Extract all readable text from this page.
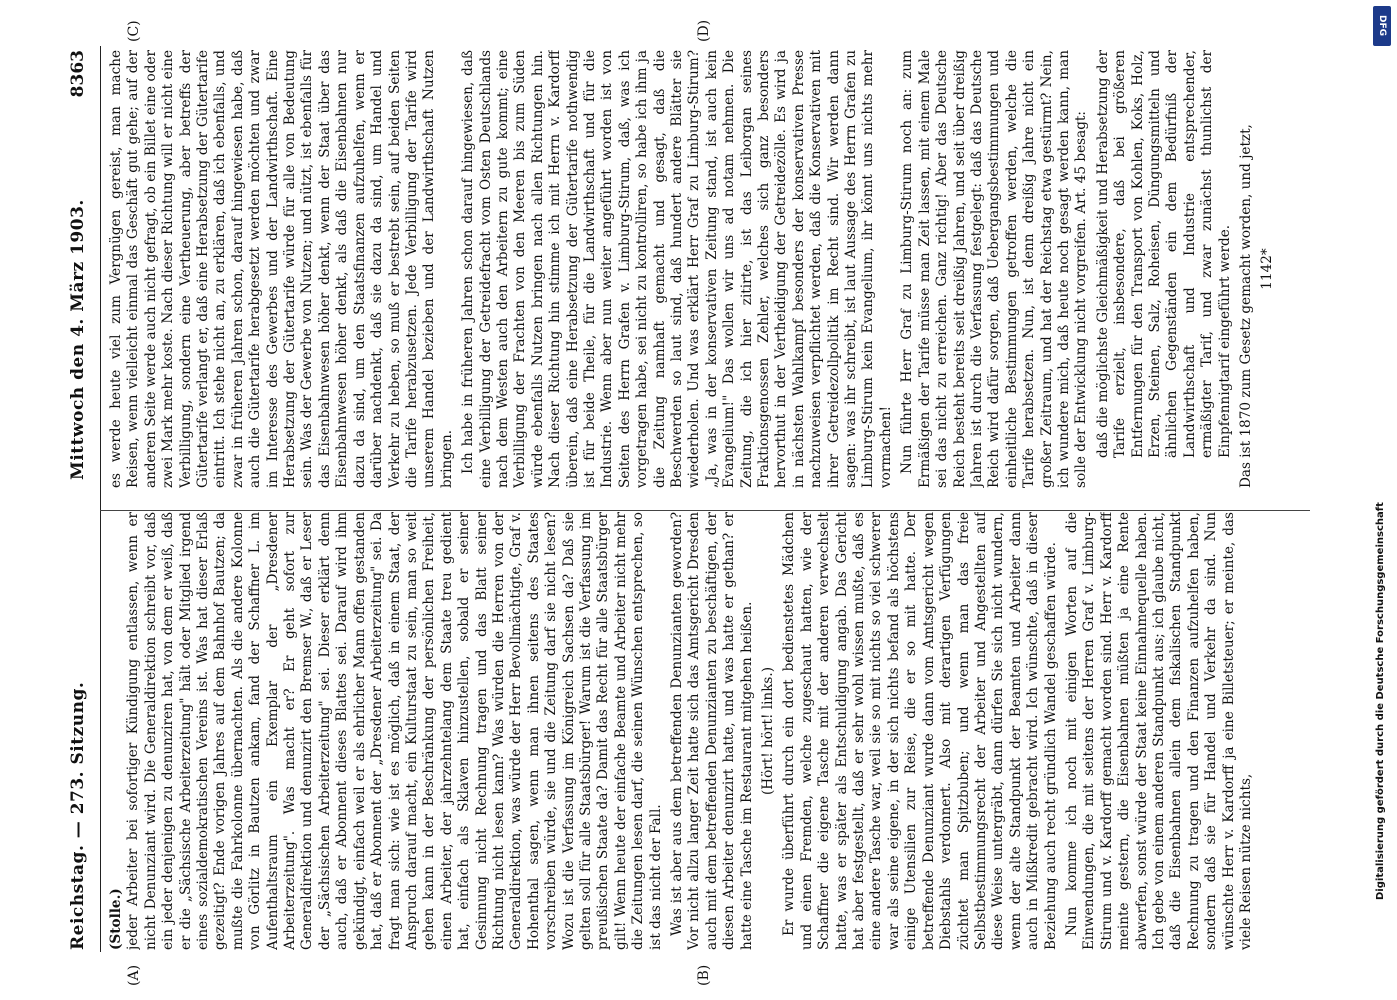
Reichstag. — 273. Sitzung.
Mittwoch den 4. März 1903.
8363
(A)	(B)
(C)	(D)

(Stolle.) jeder Arbeiter bei sofortiger Kündigung entlassen, wenn er nicht Denunziant wird. Die Generaldirektion schreibt vor, daß ein jeder denjenigen zu denunziren hat, von dem er weiß, daß er die „Sächsische Arbeiterzeitung" hält oder Mitglied irgend eines sozialdemokratischen Vereins ist. Was hat dieser Erlaß gezeitigt? Ende vorigen Jahres auf dem Bahnhof Bautzen; da mußte die Fahrkolonne übernachten. Als die andere Kolonne von Görlitz in Bautzen ankam, fand der Schaffner L. im Aufenthaltsraum ein Exemplar der „Dresdener Arbeiterzeitung". Was macht er? Er geht sofort zur Generaldirektion und denunzirt den Bremser W., daß er Leser der „Sächsischen Arbeiterzeitung" sei. Dieser erklärt denn auch, daß er Abonnent dieses Blattes sei. Darauf wird ihm gekündigt, einfach weil er als ehrlicher Mann offen gestanden hat, daß er Abonnent der „Dresdener Arbeiterzeitung" sei. Da fragt man sich: wie ist es möglich, daß in einem Staat, der Anspruch darauf macht, ein Kulturstaat zu sein, man so weit gehen kann in der Beschränkung der persönlichen Freiheit, einen Arbeiter, der jahrzehntelang dem Staate treu gedient hat, einfach als Sklaven hinzustellen, sobald er seiner Gesinnung nicht Rechnung tragen und das Blatt seiner Richtung nicht lesen kann? Was würden die Herren von der Generaldirektion, was würde der Herr Bevollmächtigte, Graf v. Hohenthal sagen, wenn man ihnen seitens des Staates vorschreiben würde, sie und die Zeitung darf sie nicht lesen? Wozu ist die Verfassung im Königreich Sachsen da? Daß sie gelten soll für alle Staatsbürger! Warum ist die Verfassung im preußischen Staate da? Damit das Recht für alle Staatsbürger gilt! Wenn heute der einfache Beamte und Arbeiter nicht mehr die Zeitungen lesen darf, die seinen Wünschen entsprechen, so ist das nicht der Fall. Was ist aber aus dem betreffenden Denunzianten geworden? Vor nicht allzu langer Zeit hatte sich das Amtsgericht Dresden auch mit dem betreffenden Denunzianten zu beschäftigen, der diesen Arbeiter denunzirt hatte, und was hatte er gethan? er hatte eine Tasche im Restaurant mitgehen heißen. (Hört! hört! links.) Er wurde überführt durch ein dort bedienstetes Mädchen und einen Fremden, welche zugeschaut hatten, wie der Schaffner die eigene Tasche mit der anderen verwechselt hatte, was er später als Entschuldigung angab. Das Gericht hat aber festgestellt, daß er sehr wohl wissen mußte, daß es eine andere Tasche war, weil sie so mit nichts so viel schwerer war als seine eigene, in der sich nichts befand als höchstens einige Utensilien zur Reise, die er so mit hatte. Der betreffende Denunziant wurde dann vom Amtsgericht wegen Diebstahls verdonnert. Also mit derartigen Verfügungen züchtet man Spitzbuben; und wenn man das freie Selbstbestimmungsrecht der Arbeiter und Angestellten auf diese Weise untergräbt, dann dürfen Sie sich nicht wundern, wenn der alte Standpunkt der Beamten und Arbeiter dann auch in Mißkredit gebracht wird. Ich wünschte, daß in dieser Beziehung auch recht gründlich Wandel geschaffen würde. Nun komme ich noch mit einigen Worten auf die Einwendungen, die mit seitens der Herren Graf v. Limburg-Stirum und v. Kardorff gemacht worden sind. Herr v. Kardorff meinte gestern, die Eisenbahnen müßten ja eine Rente abwerfen, sonst würde der Staat keine Einnahmequelle haben. Ich gebe von einem anderen Standpunkt aus; ich glaube nicht, daß die Eisenbahnen allein dem fiskalischen Standpunkt Rechnung zu tragen und den Finanzen aufzuhelfen haben, sondern daß sie für Handel und Verkehr da sind. Nun wünschte Herr v. Kardorff ja eine Billetsteuer; er meinte, das viele Reisen nütze nichts,

es werde heute viel zum Vergnügen gereist, man mache Reisen, wenn vielleicht einmal das Geschäft gut gehe; auf der anderen Seite werde auch nicht gefragt, ob ein Billet eine oder zwei Mark mehr koste. Nach dieser Richtung will er nicht eine Verbilligung, sondern eine Vertheuerung, aber betreffs der Gütertarife verlangt er, daß eine Herabsetzung der Gütertarife eintritt. Ich stehe nicht an, zu erklären, daß ich ebenfalls, und zwar in früheren Jahren schon, darauf hingewiesen habe, daß auch die Gütertarife herabgesetzt werden möchten und zwar im Interesse des Gewerbes und der Landwirthschaft. Eine Herabsetzung der Gütertarife würde für alle von Bedeutung sein. Was der Gewerbe von Nutzen; und nützt, ist ebenfalls für das Eisenbahnwesen höher denkt, wenn der Staat über das Eisenbahnwesen höher denkt, als daß die Eisenbahnen nur dazu da sind, um den Staatsfinanzen aufzuhelfen, wenn er darüber nachdenkt, daß sie dazu da sind, um Handel und Verkehr zu heben, so muß er bestrebt sein, auf beiden Seiten die Tarife herabzusetzen. Jede Verbilligung der Tarife wird unserem Handel bezieben und der Landwirthschaft Nutzen bringen. Ich habe in früheren Jahren schon darauf hingewiesen, daß eine Verbilligung der Getreidefracht vom Osten Deutschlands nach dem Westen auch den Arbeitern zu gute kommt; eine Verbilligung der Frachten von den Meeren bis zum Süden würde ebenfalls Nutzen bringen nach allen Richtungen hin. Nach dieser Richtung hin stimme ich mit Herrn v. Kardorff überein, daß eine Herabsetzung der Gütertarife nothwendig ist für beide Theile, für die Landwirthschaft und für die Industrie. Wenn aber nun weiter angeführt worden ist von Seiten des Herrn Grafen v. Limburg-Stirum, daß, was ich vorgetragen habe, sei nicht zu kontrolliren, so habe ich ihm ja die Zeitung namhaft gemacht und gesagt, daß die Beschwerden so laut sind, daß hundert andere Blätter sie wiederholen. Und was erklärt Herr Graf zu Limburg-Stirum? „Ja, was in der konservativen Zeitung stand, ist auch kein Evangelium!" Das wollen wir uns ad notam nehmen. Die Zeitung, die ich hier zitirte, ist das Leiborgan seines Fraktionsgenossen Zehler, welches sich ganz besonders hervorthut in der Vertheidigung der Getreidezölle. Es wird ja in nächsten Wahlkampf besonders der konservativen Presse nachzuweisen verpflichtet werden, daß die Konservativen mit ihrer Getreidezollpolitik im Recht sind. Wir werden dann sagen: was ihr schreibt, ist laut Aussage des Herrn Grafen zu Limburg-Stirum kein Evangelium, ihr könnt uns nichts mehr vormachen! Nun führte Herr Graf zu Limburg-Stirum noch an: zum Ermäßigen der Tarife müsse man Zeit lassen, mit einem Male sei das nicht zu erreichen. Ganz richtig! Aber das Deutsche Reich besteht bereits seit dreißig Jahren, und seit über dreißig Jahren ist durch die Verfassung festgelegt: daß das Deutsche Reich wird dafür sorgen, daß Uebergangsbestimmungen und einheitliche Bestimmungen getroffen werden, welche die Tarife herabsetzen. Nun, ist denn dreißig Jahre nicht ein großer Zeitraum, und hat der Reichstag etwa gestürmt? Nein, ich wundere mich, daß heute noch gesagt werden kann, man solle der Entwicklung nicht vorgreifen. Art. 45 besagt: daß die möglichste Gleichmäßigkeit und Herabsetzung der Tarife erzielt, insbesondere, daß bei größeren Entfernungen für den Transport von Kohlen, Koks, Holz, Erzen, Steinen, Salz, Roheisen, Düngungsmitteln und ähnlichen Gegenständen ein dem Bedürfniß der Landwirthschaft und Industrie entsprechender, ermäßigter Tarif, und zwar zunächst thunlichst der Einpfennigtarif eingeführt werde. Das ist 1870 zum Gesetz gemacht worden, und jetzt, 1142*

DFG
Digitalisierung gefördert durch die Deutsche Forschungsgemeinschaft
